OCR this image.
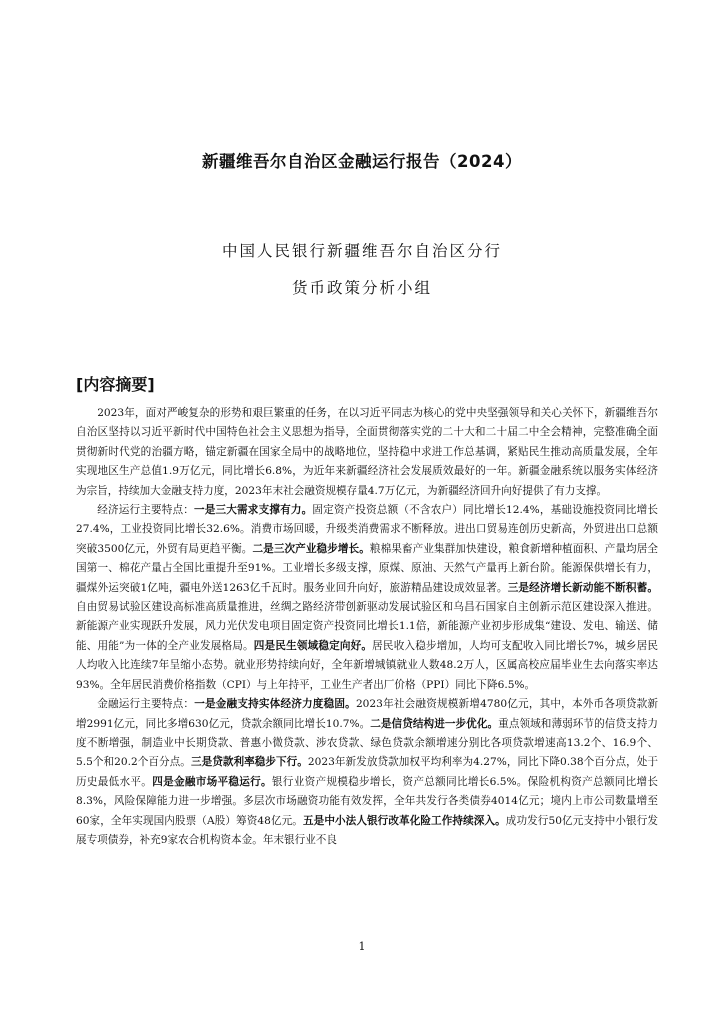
新疆维吾尔自治区金融运行报告（2024）
中国人民银行新疆维吾尔自治区分行
货币政策分析小组
[内容摘要]

2023年，面对严峻复杂的形势和艰巨繁重的任务，在以习近平同志为核心的党中央坚强领导和关心关怀下，新疆维吾尔自治区坚持以习近平新时代中国特色社会主义思想为指导，全面贯彻落实党的二十大和二十届二中全会精神，完整准确全面贯彻新时代党的治疆方略，锚定新疆在国家全局中的战略地位，坚持稳中求进工作总基调，紧贴民生推动高质量发展，全年实现地区生产总值1.9万亿元，同比增长6.8%，为近年来新疆经济社会发展质效最好的一年。新疆金融系统以服务实体经济为宗旨，持续加大金融支持力度，2023年末社会融资规模存量4.7万亿元，为新疆经济回升向好提供了有力支撑。

经济运行主要特点：一是三大需求支撑有力。固定资产投资总额（不含农户）同比增长12.4%，基础设施投资同比增长27.4%，工业投资同比增长32.6%。消费市场回暖，升级类消费需求不断释放。进出口贸易连创历史新高，外贸进出口总额突破3500亿元，外贸有局更趋平衡。二是三次产业稳步增长。粮棉果畜产业集群加快建设，粮食新增种植面积、产量均居全国第一、棉花产量占全国比重提升至91%。工业增长多级支撑，原煤、原油、天然气产量再上新台阶。能源保供增长有力，疆煤外运突破1亿吨，疆电外送1263亿千瓦时。服务业回升向好，旅游精品建设成效显著。三是经济增长新动能不断积蓄。自由贸易试验区建设高标准高质量推进，丝绸之路经济带创新驱动发展试验区和乌昌石国家自主创新示范区建设深入推进。新能源产业实现跃升发展，风力光伏发电项目固定资产投资同比增长1.1倍，新能源产业初步形成集“建设、发电、输送、储能、用能”为一体的全产业发展格局。四是民生领域稳定向好。居民收入稳步增加，人均可支配收入同比增长7%，城乡居民人均收入比连续7年呈缩小态势。就业形势持续向好，全年新增城镇就业人数48.2万人，区属高校应届毕业生去向落实率达93%。全年居民消费价格指数（CPI）与上年持平，工业生产者出厂价格（PPI）同比下降6.5%。

金融运行主要特点：一是金融支持实体经济力度稳固。2023年社会融资规模新增4780亿元，其中，本外币各项贷款新增2991亿元，同比多增630亿元，贷款余额同比增长10.7%。二是信贷结构进一步优化。重点领域和薄弱环节的信贷支持力度不断增强，制造业中长期贷款、普惠小微贷款、涉农贷款、绿色贷款余额增速分别比各项贷款增速高13.2个、16.9个、5.5个和20.2个百分点。三是贷款利率稳步下行。2023年新发放贷款加权平均利率为4.27%，同比下降0.38个百分点，处于历史最低水平。四是金融市场平稳运行。银行业资产规模稳步增长，资产总额同比增长6.5%。保险机构资产总额同比增长8.3%，风险保障能力进一步增强。多层次市场融资功能有效发挥，全年共发行各类债券4014亿元；境内上市公司数量增至60家，全年实现国内股票（A股）筹资48亿元。五是中小法人银行改革化险工作持续深入。成功发行50亿元支持中小银行发展专项债券，补充9家农合机构资本金。年末银行业不良

1
